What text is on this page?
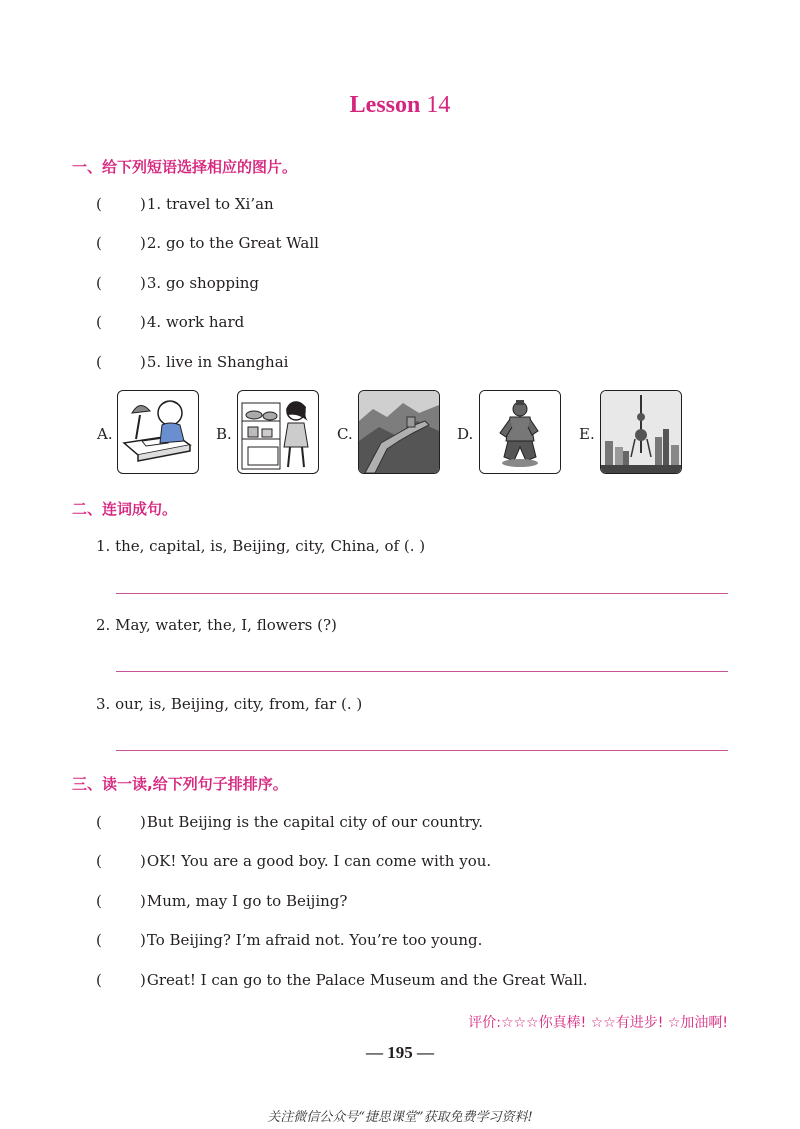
Lesson 14
一、给下列短语选择相应的图片。
(	) 1.
travel to Xi’an
(	) 2.
go to the Great Wall
(	) 3.
go shopping
(	) 4.
work hard
(	) 5.
live in Shanghai
A.	B.	C.	D.	E.
二、连词成句。
1. the, capital, is, Beijing, city, China, of (. )
2. May, water, the, I, flowers (?)
3. our, is, Beijing, city, from, far (. )
三、读一读,给下列句子排排序。
(	) But Beijing is the capital city of our country.
(	) OK! You are a good boy. I can come with you.
(	) Mum, may I go to Beijing?
(	) To Beijing? I’m afraid not. You’re too young.
(	) Great! I can go to the Palace Museum and the Great Wall.
评价:☆☆☆你真棒! ☆☆有进步! ☆加油啊!
— 195 —
关注微信公众号“捷思课堂”获取免费学习资料!
